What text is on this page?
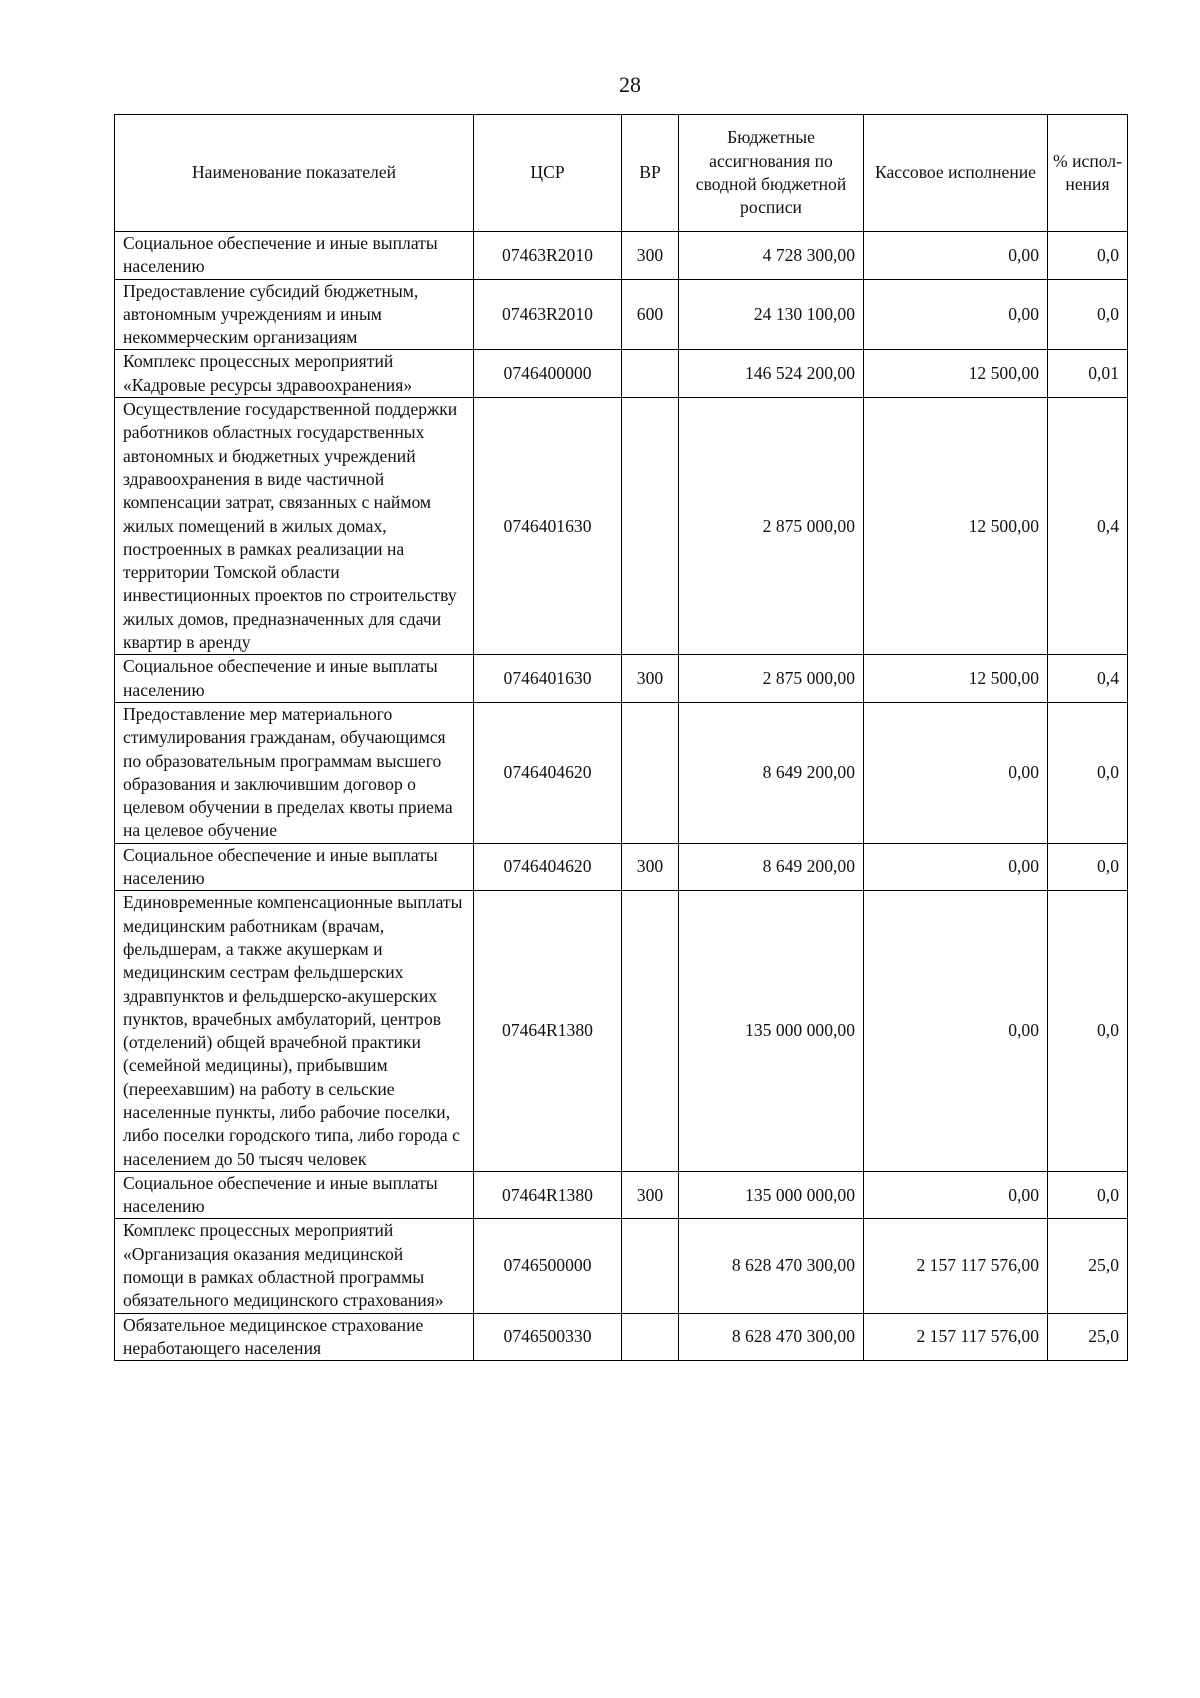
28
Наименование показателей	ЦСР	ВР	Бюджетные ассигнования по сводной бюджетной росписи	Кассовое исполнение	% испол-нения
Социальное обеспечение и иные выплаты населению	07463R2010	300	4 728 300,00	0,00	0,0
Предоставление субсидий бюджетным, автономным учреждениям и иным некоммерческим организациям	07463R2010	600	24 130 100,00	0,00	0,0
Комплекс процессных мероприятий «Кадровые ресурсы здравоохранения»	0746400000		146 524 200,00	12 500,00	0,01
Осуществление государственной поддержки работников областных государственных автономных и бюджетных учреждений здравоохранения в виде частичной компенсации затрат, связанных с наймом жилых помещений в жилых домах, построенных в рамках реализации на территории Томской области инвестиционных проектов по строительству жилых домов, предназначенных для сдачи квартир в аренду	0746401630		2 875 000,00	12 500,00	0,4
Социальное обеспечение и иные выплаты населению	0746401630	300	2 875 000,00	12 500,00	0,4
Предоставление мер материального стимулирования гражданам, обучающимся по образовательным программам высшего образования и заключившим договор о целевом обучении в пределах квоты приема на целевое обучение	0746404620		8 649 200,00	0,00	0,0
Социальное обеспечение и иные выплаты населению	0746404620	300	8 649 200,00	0,00	0,0
Единовременные компенсационные выплаты медицинским работникам (врачам, фельдшерам, а также акушеркам и медицинским сестрам фельдшерских здравпунктов и фельдшерско-акушерских пунктов, врачебных амбулаторий, центров (отделений) общей врачебной практики (семейной медицины), прибывшим (переехавшим) на работу в сельские населенные пункты, либо рабочие поселки, либо поселки городского типа, либо города с населением до 50 тысяч человек	07464R1380		135 000 000,00	0,00	0,0
Социальное обеспечение и иные выплаты населению	07464R1380	300	135 000 000,00	0,00	0,0
Комплекс процессных мероприятий «Организация оказания медицинской помощи в рамках областной программы обязательного медицинского страхования»	0746500000		8 628 470 300,00	2 157 117 576,00	25,0
Обязательное медицинское страхование неработающего населения	0746500330		8 628 470 300,00	2 157 117 576,00	25,0
